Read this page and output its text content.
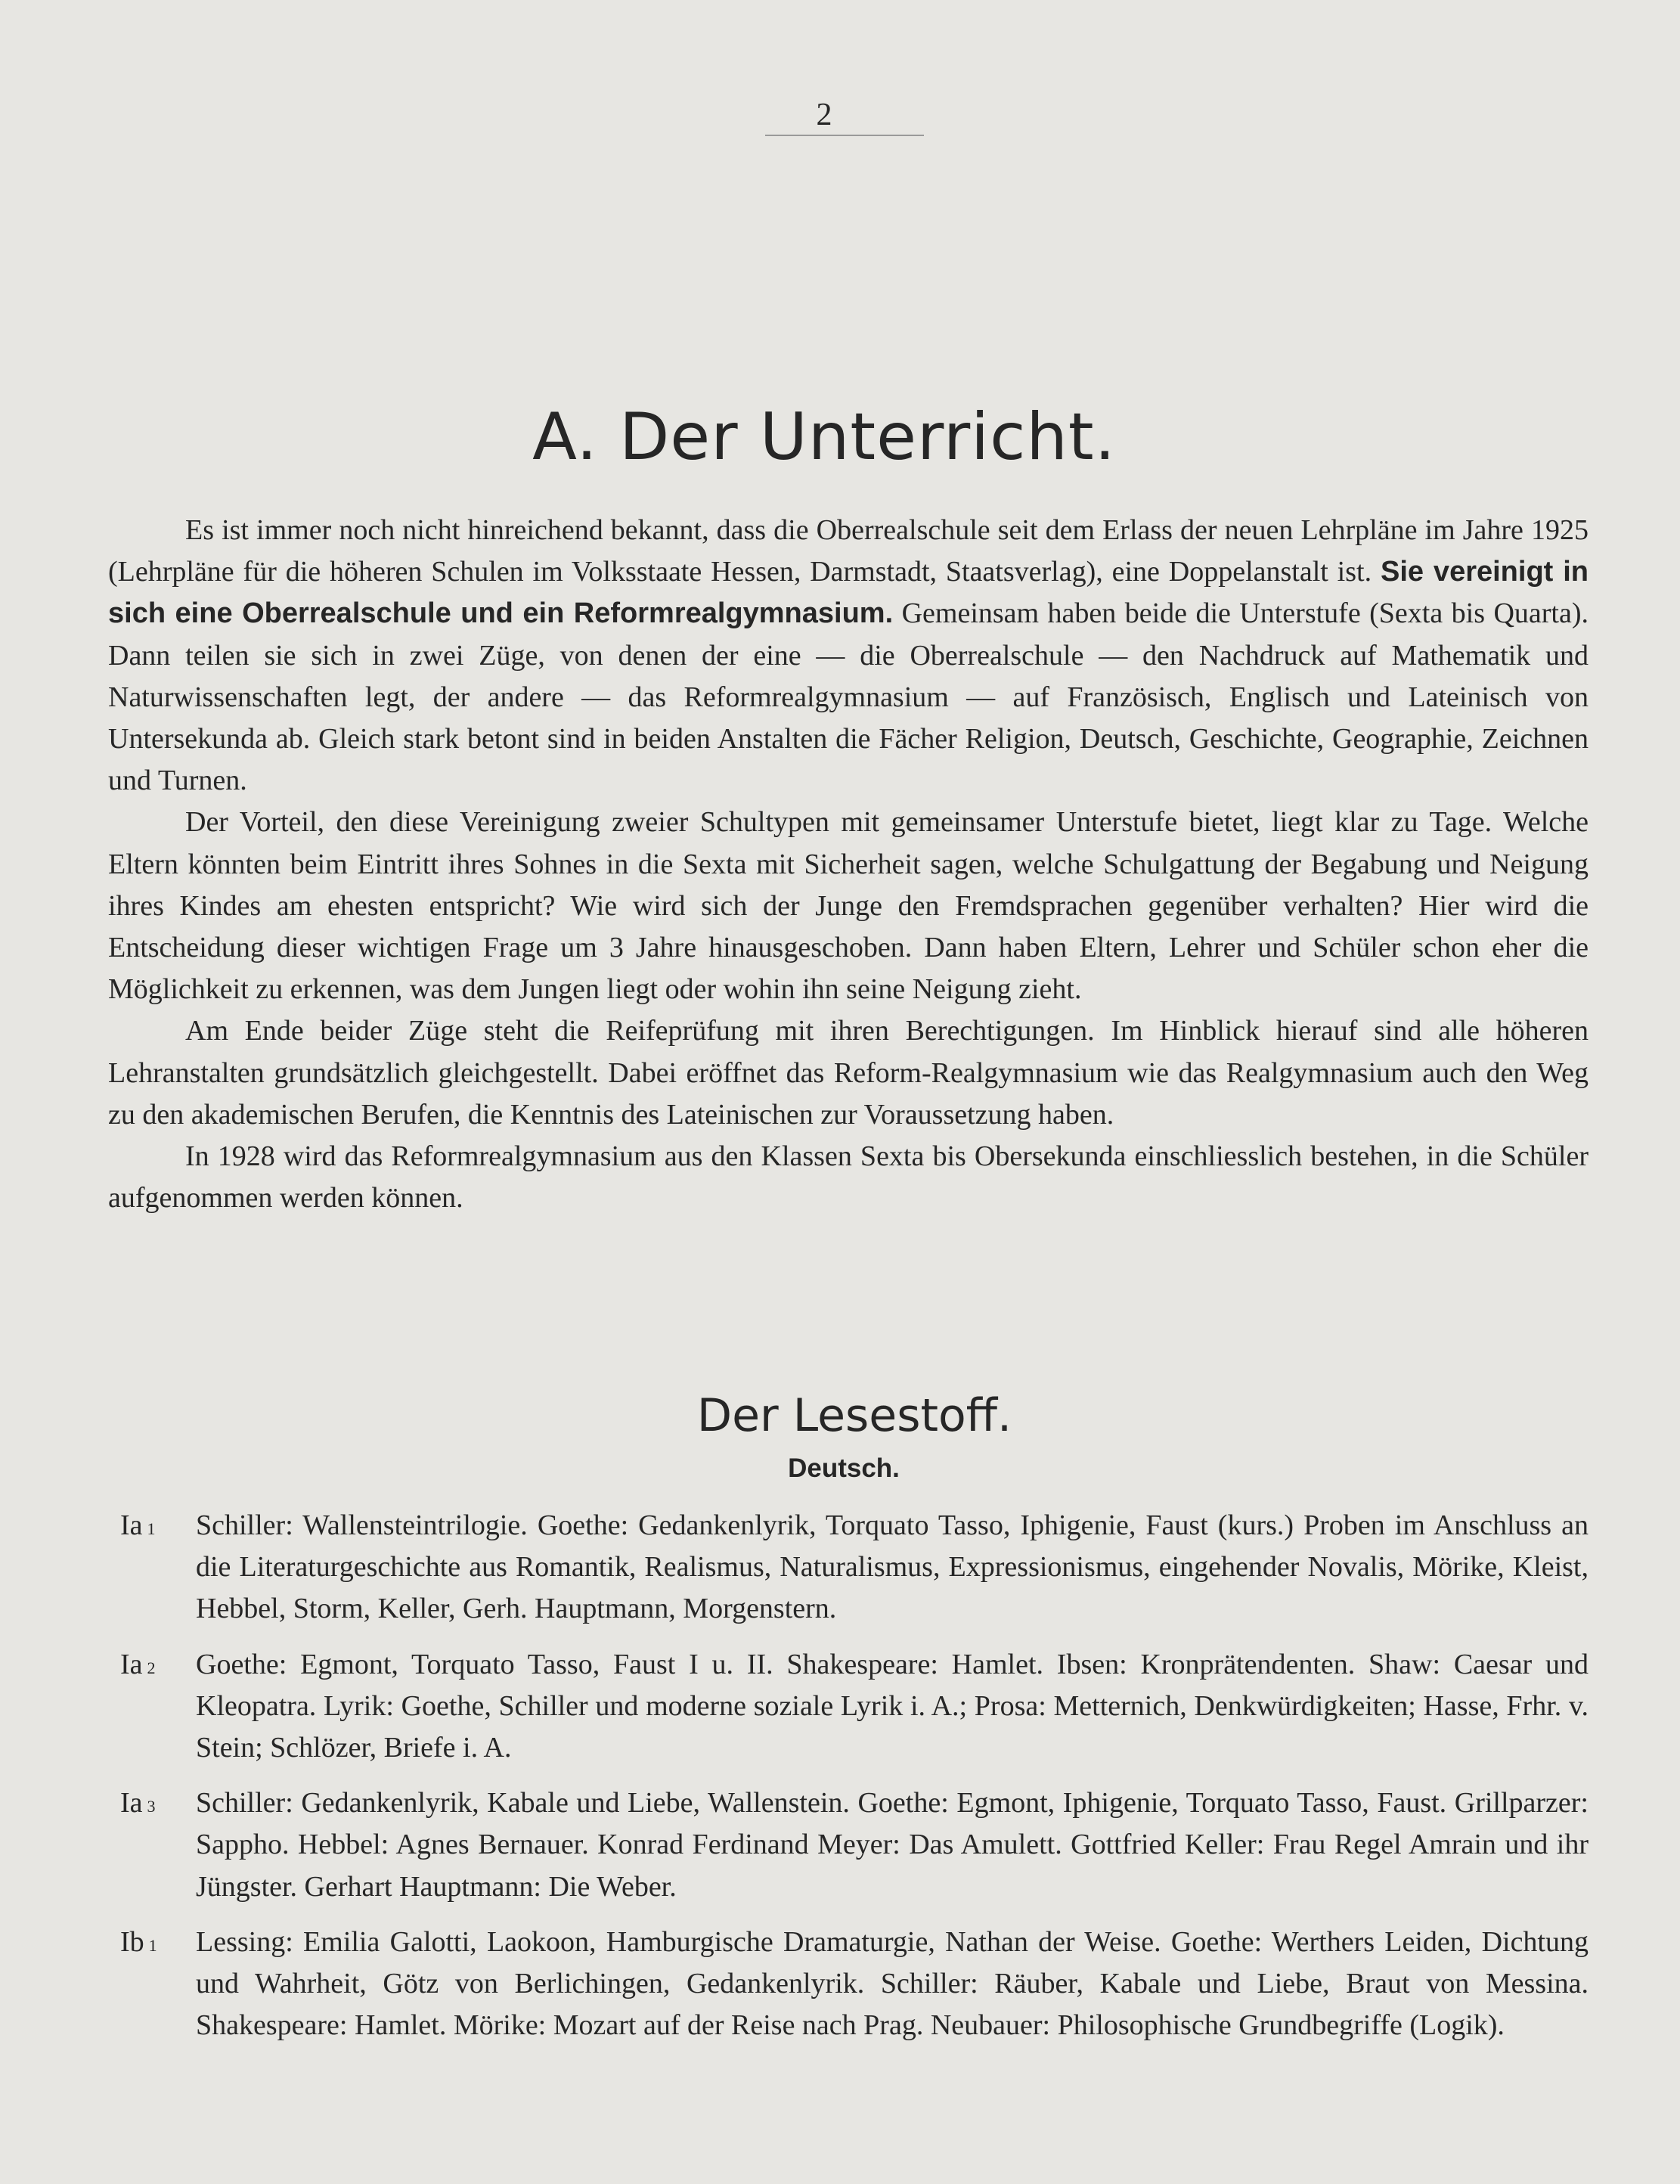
2
A. Der Unterricht.

Es ist immer noch nicht hinreichend bekannt, dass die Oberrealschule seit dem Erlass der neuen Lehrpläne im Jahre 1925 (Lehrpläne für die höheren Schulen im Volksstaate Hessen, Darmstadt, Staatsverlag), eine Doppelanstalt ist. Sie vereinigt in sich eine Oberrealschule und ein Reformrealgymnasium. Gemeinsam haben beide die Unterstufe (Sexta bis Quarta). Dann teilen sie sich in zwei Züge, von denen der eine — die Oberrealschule — den Nachdruck auf Mathematik und Naturwissenschaften legt, der andere — das Reformrealgymnasium — auf Französisch, Englisch und Lateinisch von Untersekunda ab. Gleich stark betont sind in beiden Anstalten die Fächer Religion, Deutsch, Geschichte, Geographie, Zeichnen und Turnen.

Der Vorteil, den diese Vereinigung zweier Schultypen mit gemeinsamer Unterstufe bietet, liegt klar zu Tage. Welche Eltern könnten beim Eintritt ihres Sohnes in die Sexta mit Sicherheit sagen, welche Schulgattung der Begabung und Neigung ihres Kindes am ehesten entspricht? Wie wird sich der Junge den Fremdsprachen gegenüber verhalten? Hier wird die Entscheidung dieser wichtigen Frage um 3 Jahre hinausgeschoben. Dann haben Eltern, Lehrer und Schüler schon eher die Möglichkeit zu erkennen, was dem Jungen liegt oder wohin ihn seine Neigung zieht.

Am Ende beider Züge steht die Reifeprüfung mit ihren Berechtigungen. Im Hinblick hierauf sind alle höheren Lehranstalten grundsätzlich gleichgestellt. Dabei eröffnet das Reform-Realgymnasium wie das Realgymnasium auch den Weg zu den akademischen Berufen, die Kenntnis des Lateinischen zur Voraussetzung haben.

In 1928 wird das Reformrealgymnasium aus den Klassen Sexta bis Obersekunda einschliesslich bestehen, in die Schüler aufgenommen werden können.

Der Lesestoff.
Deutsch.
Ia 1	Schiller: Wallensteintrilogie. Goethe: Gedankenlyrik, Torquato Tasso, Iphigenie, Faust (kurs.) Proben im Anschluss an die Literaturgeschichte aus Romantik, Realismus, Naturalismus, Expressionismus, eingehender Novalis, Mörike, Kleist, Hebbel, Storm, Keller, Gerh. Hauptmann, Morgenstern.

Ia 2	Goethe: Egmont, Torquato Tasso, Faust I u. II. Shakespeare: Hamlet. Ibsen: Kronprätendenten. Shaw: Caesar und Kleopatra. Lyrik: Goethe, Schiller und moderne soziale Lyrik i. A.; Prosa: Metternich, Denkwürdigkeiten; Hasse, Frhr. v. Stein; Schlözer, Briefe i. A.

Ia 3	Schiller: Gedankenlyrik, Kabale und Liebe, Wallenstein. Goethe: Egmont, Iphigenie, Torquato Tasso, Faust. Grillparzer: Sappho. Hebbel: Agnes Bernauer. Konrad Ferdinand Meyer: Das Amulett. Gottfried Keller: Frau Regel Amrain und ihr Jüngster. Gerhart Hauptmann: Die Weber.

Ib 1	Lessing: Emilia Galotti, Laokoon, Hamburgische Dramaturgie, Nathan der Weise. Goethe: Werthers Leiden, Dichtung und Wahrheit, Götz von Berlichingen, Gedankenlyrik. Schiller: Räuber, Kabale und Liebe, Braut von Messina. Shakespeare: Hamlet. Mörike: Mozart auf der Reise nach Prag. Neubauer: Philosophische Grundbegriffe (Logik).
